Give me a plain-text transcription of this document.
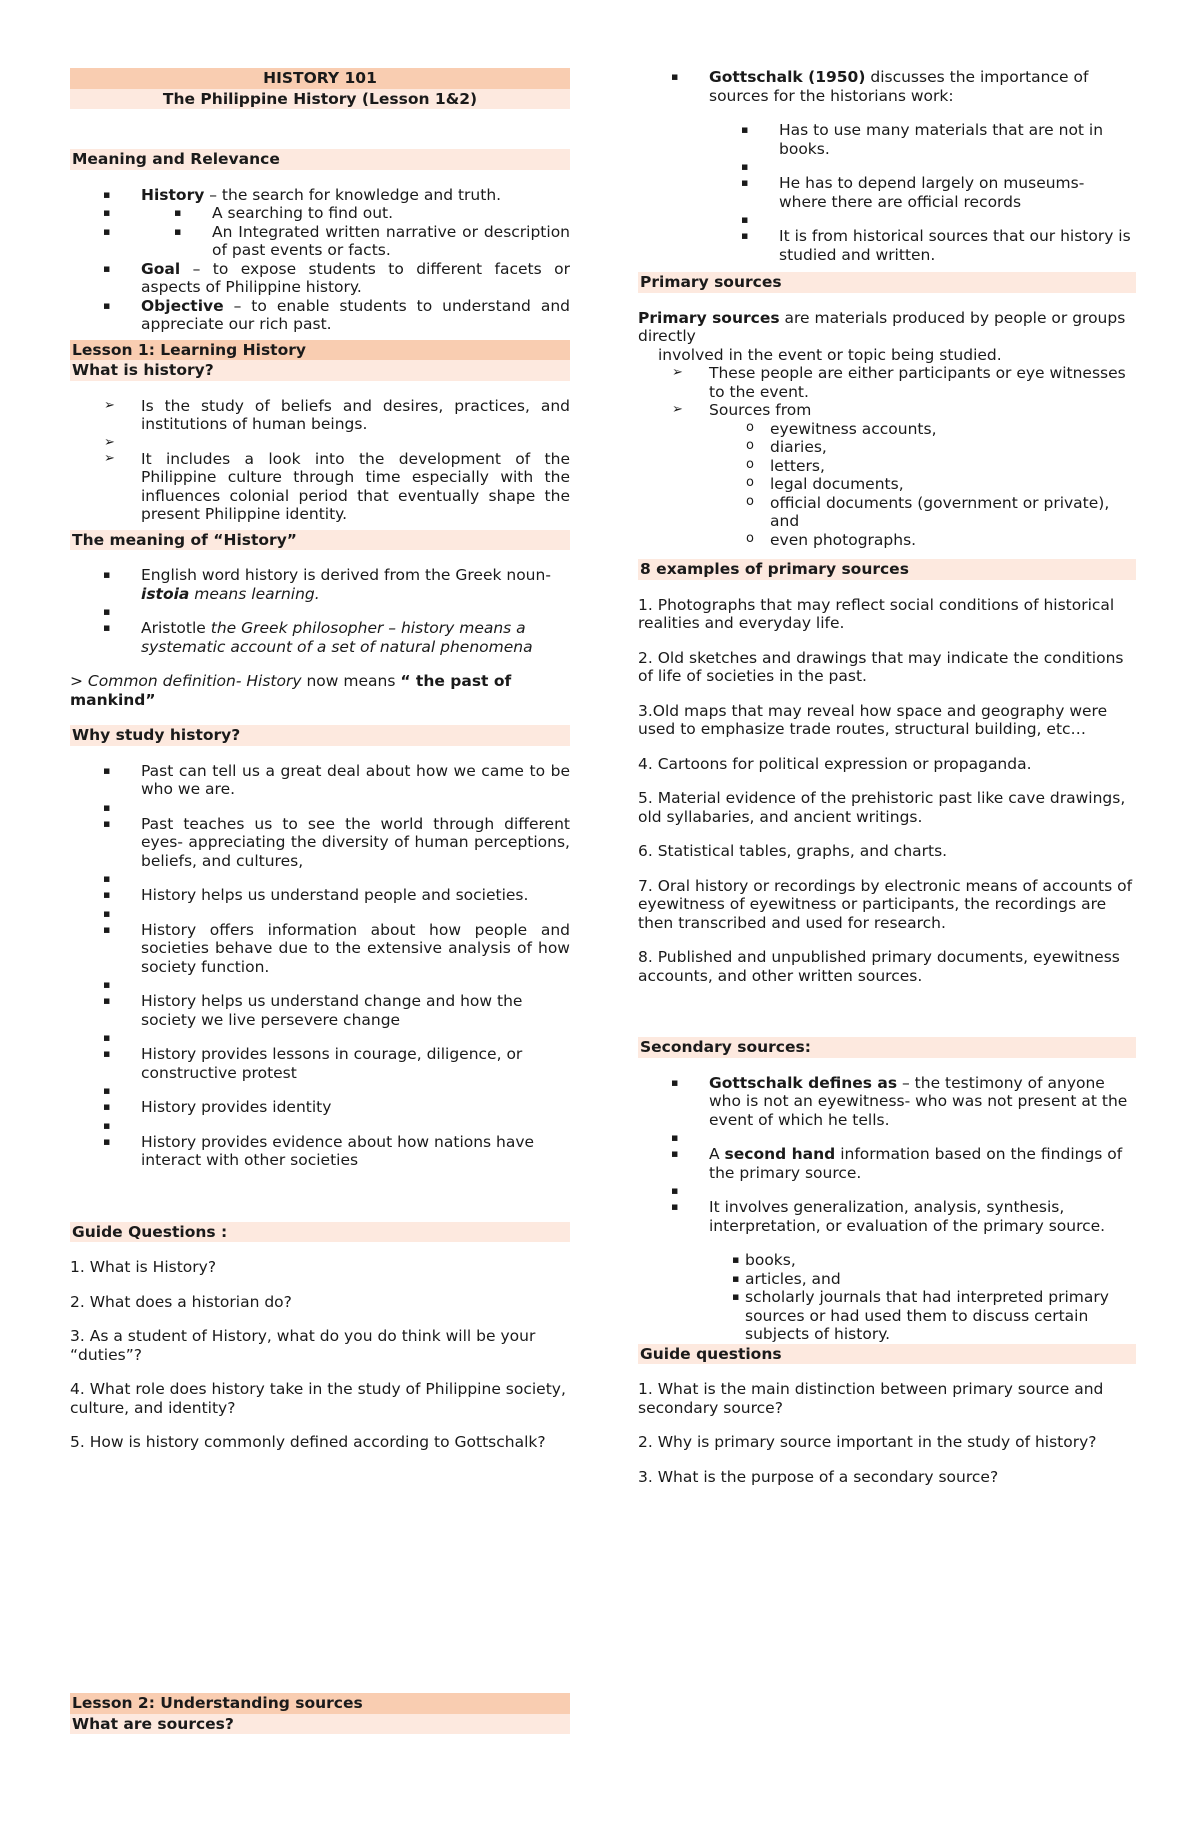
HISTORY 101
The Philippine History (Lesson 1&2)
Meaning and Relevance
▪ History – the search for knowledge and truth.
▪ ▪ A searching to find out.
▪ ▪ An Integrated written narrative or description of past events or facts.
▪ Goal – to expose students to different facets or aspects of Philippine history.
▪ Objective – to enable students to understand and appreciate our rich past.
Lesson 1: Learning History
What is history?
➢ Is the study of beliefs and desires, practices, and institutions of human beings.
➢
➢ It includes a look into the development of the Philippine culture through time especially with the influences colonial period that eventually shape the present Philippine identity.
The meaning of “History”
▪ English word history is derived from the Greek noun-
istoia means learning.
▪
▪ Aristotle the Greek philosopher – history means a systematic account of a set of natural phenomena

> Common definition- History now means “ the past of mankind”

Why study history?
▪ Past can tell us a great deal about how we came to be who we are.
▪
▪ Past teaches us to see the world through different eyes- appreciating the diversity of human perceptions, beliefs, and cultures,
▪
▪ History helps us understand people and societies.
▪
▪ History offers information about how people and societies behave due to the extensive analysis of how society function.
▪
▪ History helps us understand change and how the society we live persevere change
▪
▪ History provides lessons in courage, diligence, or constructive protest
▪
▪ History provides identity
▪
▪ History provides evidence about how nations have interact with other societies
Guide Questions :

1. What is History?

2. What does a historian do?

3. As a student of History, what do you do think will be your “duties”?

4. What role does history take in the study of Philippine society, culture, and identity?

5. How is history commonly defined according to Gottschalk?

Lesson 2: Understanding sources
What are sources?
▪ Gottschalk (1950) discusses the importance of sources for the historians work:
▪ Has to use many materials that are not in books.
▪
▪ He has to depend largely on museums- where there are official records
▪
▪ It is from historical sources that our history is studied and written.
Primary sources

Primary sources are materials produced by people or groups directly

involved in the event or topic being studied.

➢ These people are either participants or eye witnesses to the event.
➢ Sources from
o eyewitness accounts,
o diaries,
o letters,
o legal documents,
o official documents (government or private), and
o even photographs.
8 examples of primary sources

1. Photographs that may reflect social conditions of historical realities and everyday life.

2. Old sketches and drawings that may indicate the conditions of life of societies in the past.

3.Old maps that may reveal how space and geography were used to emphasize trade routes, structural building, etc…

4. Cartoons for political expression or propaganda.

5. Material evidence of the prehistoric past like cave drawings, old syllabaries, and ancient writings.

6. Statistical tables, graphs, and charts.

7. Oral history or recordings by electronic means of accounts of eyewitness of eyewitness or participants, the recordings are then transcribed and used for research.

8. Published and unpublished primary documents, eyewitness accounts, and other written sources.

Secondary sources:
▪ Gottschalk defines as – the testimony of anyone who is not an eyewitness- who was not present at the event of which he tells.
▪
▪ A second hand information based on the findings of the primary source.
▪
▪ It involves generalization, analysis, synthesis, interpretation, or evaluation of the primary source.
▪ books,
▪ articles, and
▪ scholarly journals that had interpreted primary sources or had used them to discuss certain subjects of history.
Guide questions

1. What is the main distinction between primary source and secondary source?

2. Why is primary source important in the study of history?

3. What is the purpose of a secondary source?
